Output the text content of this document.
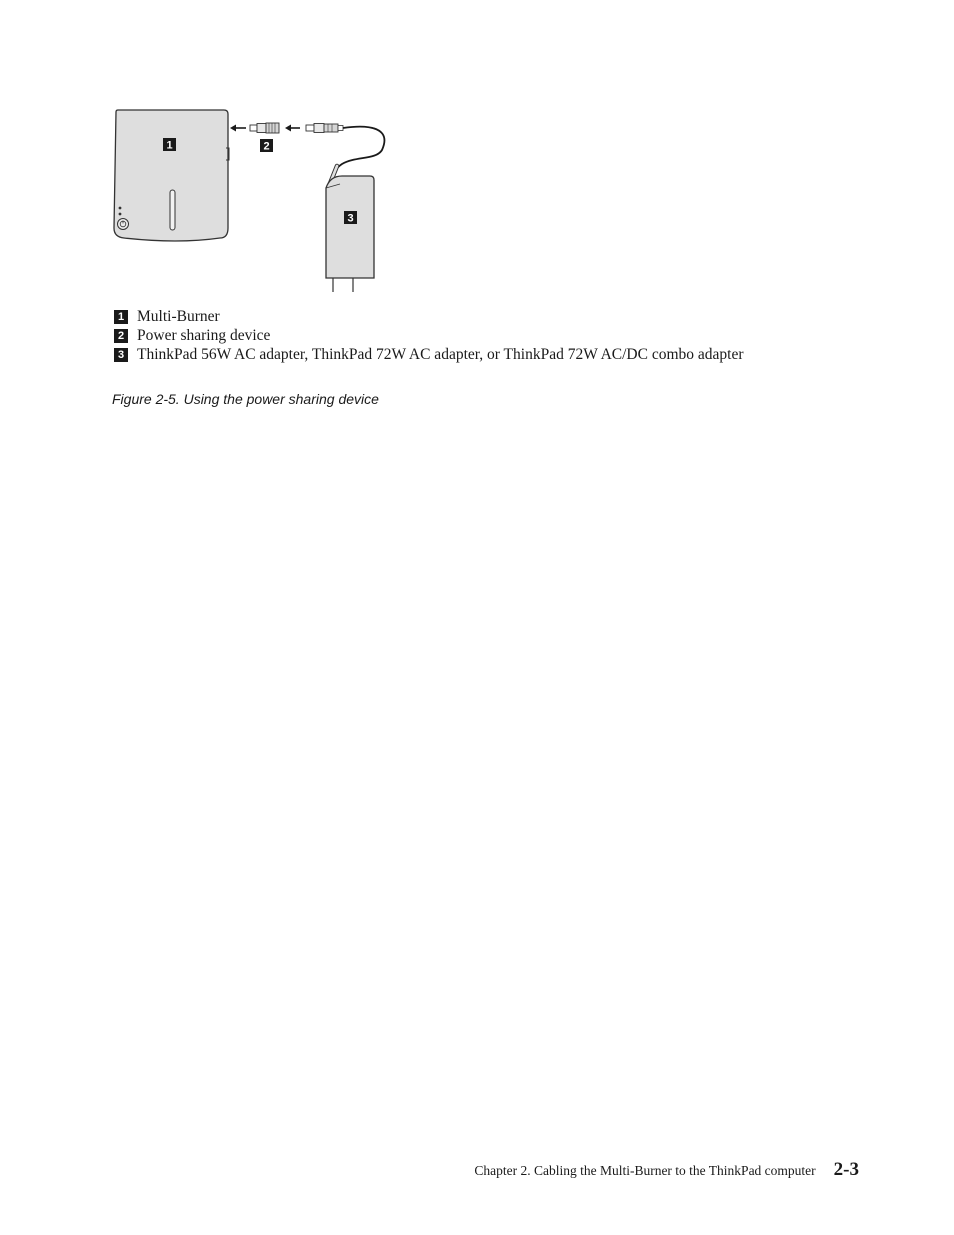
1	2
3
1 Multi-Burner
2 Power sharing device
3 ThinkPad 56W AC adapter, ThinkPad 72W AC adapter, or ThinkPad 72W AC/DC combo adapter

Figure 2-5. Using the power sharing device

Chapter 2. Cabling the Multi-Burner to the ThinkPad computer 2-3
